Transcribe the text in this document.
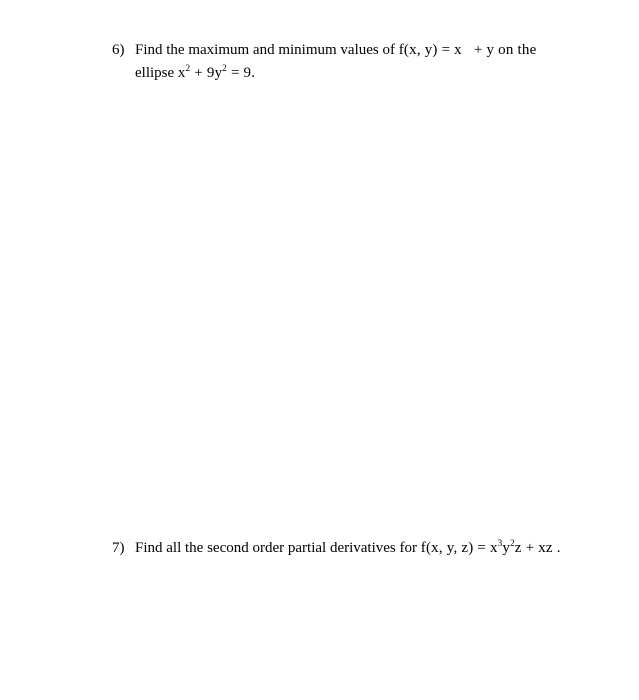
6) Find the maximum and minimum values of f(x, y) = x + y on the
ellipse $x^2 + 9y^2 = 9$.
7) Find all the second order partial derivatives for f(x, y, $z) = x^3y^2z$ + xz .
